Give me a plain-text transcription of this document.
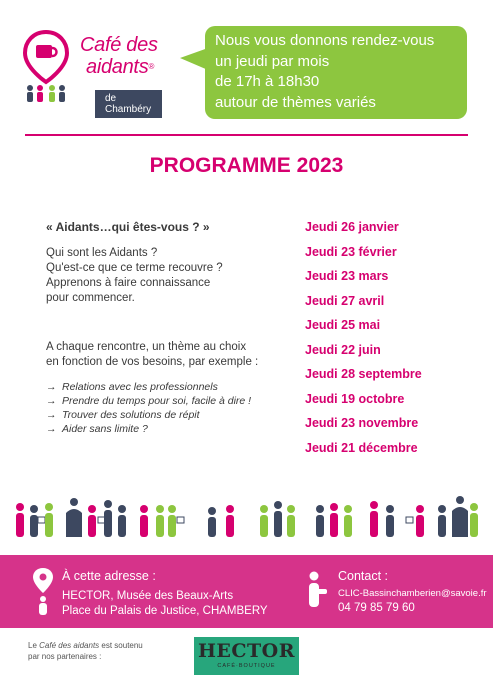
Café des
aidants®
de Chambéry
Nous vous donnons rendez-vous
un jeudi par mois
de 17h à 18h30
autour de thèmes variés
PROGRAMME 2023
« Aidants…qui êtes-vous ? »
Qui sont les Aidants ?
Qu'est-ce que ce terme recouvre ?
Apprenons à faire connaissance
pour commencer.
A chaque rencontre, un thème au choix
en fonction de vos besoins, par exemple :
→ Relations avec les professionnels
→ Prendre du temps pour soi, facile à dire !
→ Trouver des solutions de répit
→ Aider sans limite ?
Jeudi 26 janvier
Jeudi 23 février
Jeudi 23 mars
Jeudi 27 avril
Jeudi 25 mai
Jeudi 22 juin
Jeudi 28 septembre
Jeudi 19 octobre
Jeudi 23 novembre
Jeudi 21 décembre
À cette adresse :
HECTOR, Musée des Beaux-Arts
Place du Palais de Justice, CHAMBERY
Contact :
CLIC-Bassinchamberien@savoie.fr
04 79 85 79 60
Le Café des aidants est soutenu
par nos partenaires :	HECTOR
CAFÉ·BOUTIQUE
